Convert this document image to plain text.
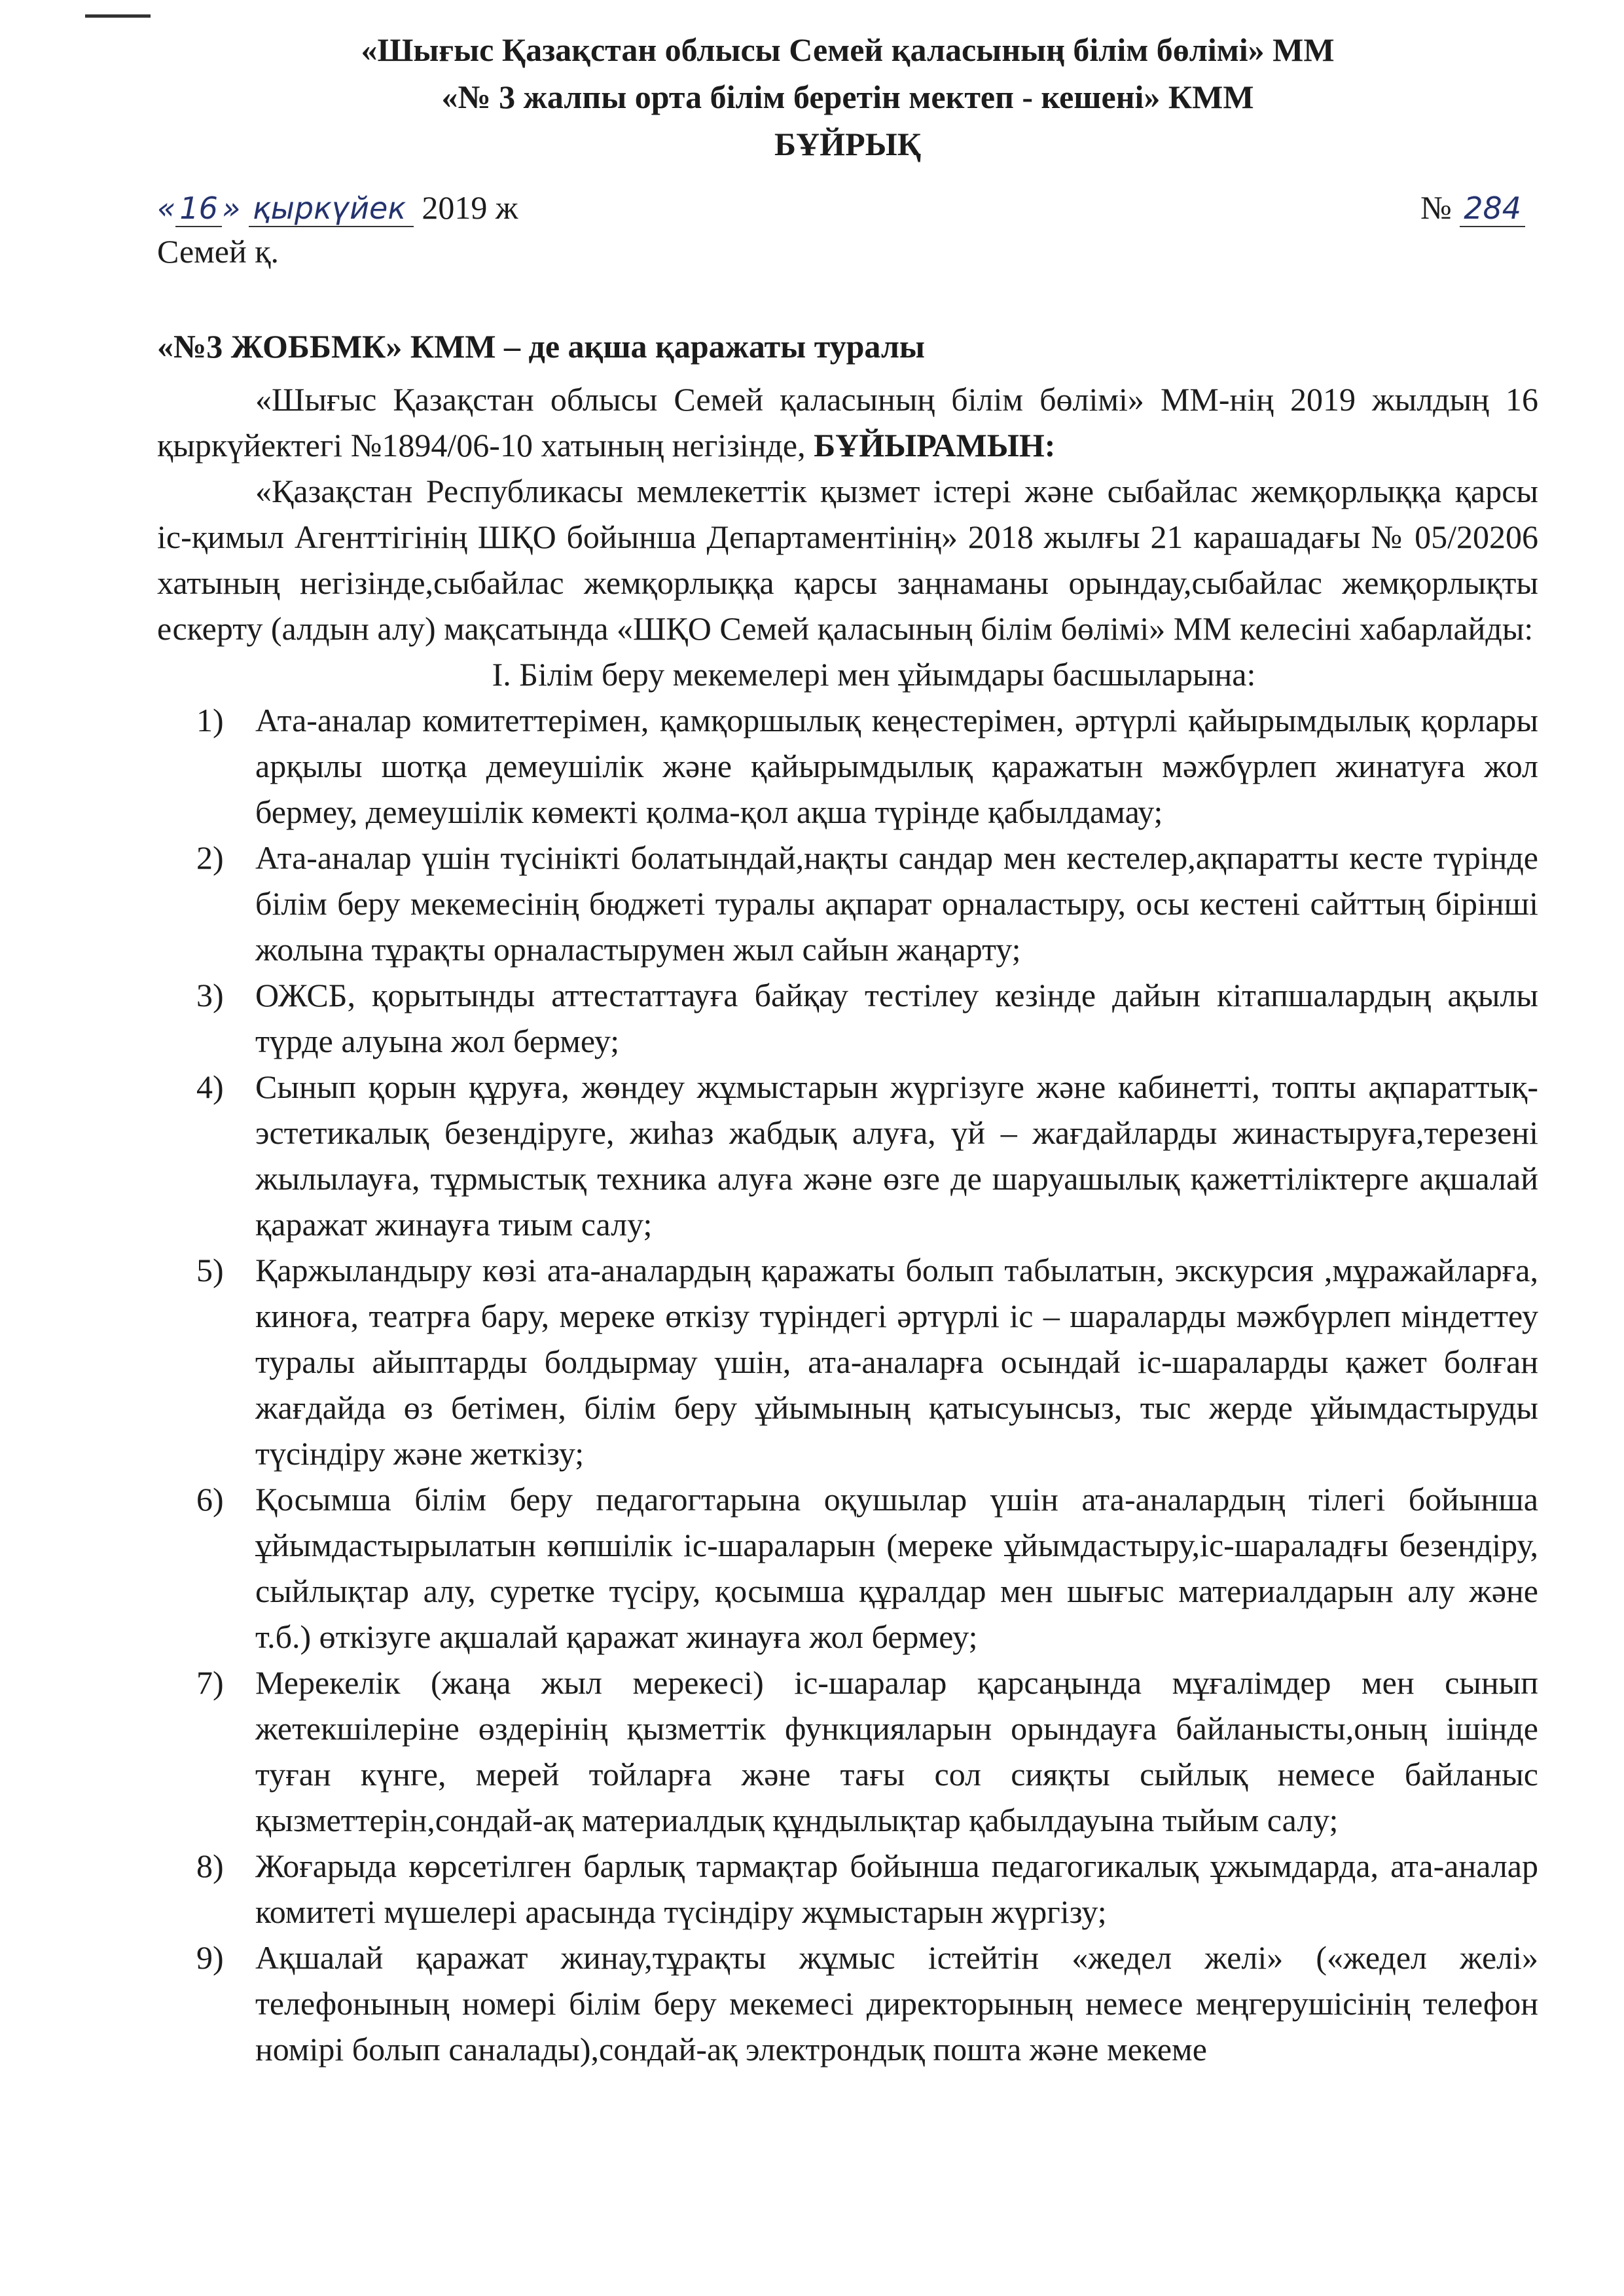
«Шығыс Қазақстан облысы Семей қаласының білім бөлімі» ММ
«№ 3 жалпы орта білім беретін мектеп - кешені» КММ
БҰЙРЫҚ
« 16 » қыркүйек 2019 ж	№ 284
Семей қ.
«№3 ЖОББМК» КММ – де ақша қаражаты туралы

«Шығыс Қазақстан облысы Семей қаласының білім бөлімі» ММ-нің 2019 жылдың 16 қыркүйектегі №1894/06-10 хатының негізінде, БҰЙЫРАМЫН:

«Қазақстан Республикасы мемлекеттік қызмет істері және сыбайлас жемқорлыққа қарсы іс-қимыл Агенттігінің ШҚО бойынша Департаментінің» 2018 жылғы 21 карашадағы № 05/20206 хатының негізінде,сыбайлас жемқорлыққа қарсы заңнаманы орындау,сыбайлас жемқорлықты ескерту (алдын алу) мақсатында «ШҚО Семей қаласының білім бөлімі» ММ келесіні хабарлайды:

І. Білім беру мекемелері мен ұйымдары басшыларына:

1) Ата-аналар комитеттерімен, қамқоршылық кеңестерімен, әртүрлі қайырымдылық қорлары арқылы шотқа демеушілік және қайырымдылық қаражатын мәжбүрлеп жинатуға жол бермеу, демеушілік көмекті қолма-қол ақша түрінде қабылдамау;
2) Ата-аналар үшін түсінікті болатындай,нақты сандар мен кестелер,ақпаратты кесте түрінде білім беру мекемесінің бюджеті туралы ақпарат орналастыру, осы кестені сайттың бірінші жолына тұрақты орналастырумен жыл сайын жаңарту;
3) ОЖСБ, қорытынды аттестаттауға байқау тестілеу кезінде дайын кітапшалардың ақылы түрде алуына жол бермеу;
4) Сынып қорын құруға, жөндеу жұмыстарын жүргізуге және кабинетті, топты ақпараттық-эстетикалық безендіруге, жиһаз жабдық алуға, үй – жағдайларды жинастыруға,терезені жылылауға, тұрмыстық техника алуға және өзге де шаруашылық қажеттіліктерге ақшалай қаражат жинауға тиым салу;
5) Қаржыландыру көзі ата-аналардың қаражаты болып табылатын, экскурсия ,мұражайларға, киноға, театрға бару, мереке өткізу түріндегі әртүрлі іс – шараларды мәжбүрлеп міндеттеу туралы айыптарды болдырмау үшін, ата-аналарға осындай іс-шараларды қажет болған жағдайда өз бетімен, білім беру ұйымының қатысуынсыз, тыс жерде ұйымдастыруды түсіндіру және жеткізу;
6) Қосымша білім беру педагогтарына оқушылар үшін ата-аналардың тілегі бойынша ұйымдастырылатын көпшілік іс-шараларын (мереке ұйымдастыру,іс-шараладғы безендіру, сыйлықтар алу, суретке түсіру, қосымша құралдар мен шығыс материалдарын алу және т.б.) өткізуге ақшалай қаражат жинауға жол бермеу;
7) Мерекелік (жаңа жыл мерекесі) іс-шаралар қарсаңында мұғалімдер мен сынып жетекшілеріне өздерінің қызметтік функцияларын орындауға байланысты,оның ішінде туған күнге, мерей тойларға және тағы сол сияқты сыйлық немесе байланыс қызметтерін,сондай-ақ материалдық құндылықтар қабылдауына тыйым салу;
8) Жоғарыда көрсетілген барлық тармақтар бойынша педагогикалық ұжымдарда, ата-аналар комитеті мүшелері арасында түсіндіру жұмыстарын жүргізу;
9) Ақшалай қаражат жинау,тұрақты жұмыс істейтін «жедел желі» («жедел желі» телефонының номері білім беру мекемесі директорының немесе меңгерушісінің телефон номірі болып саналады),сондай-ақ электрондық пошта және мекеме
